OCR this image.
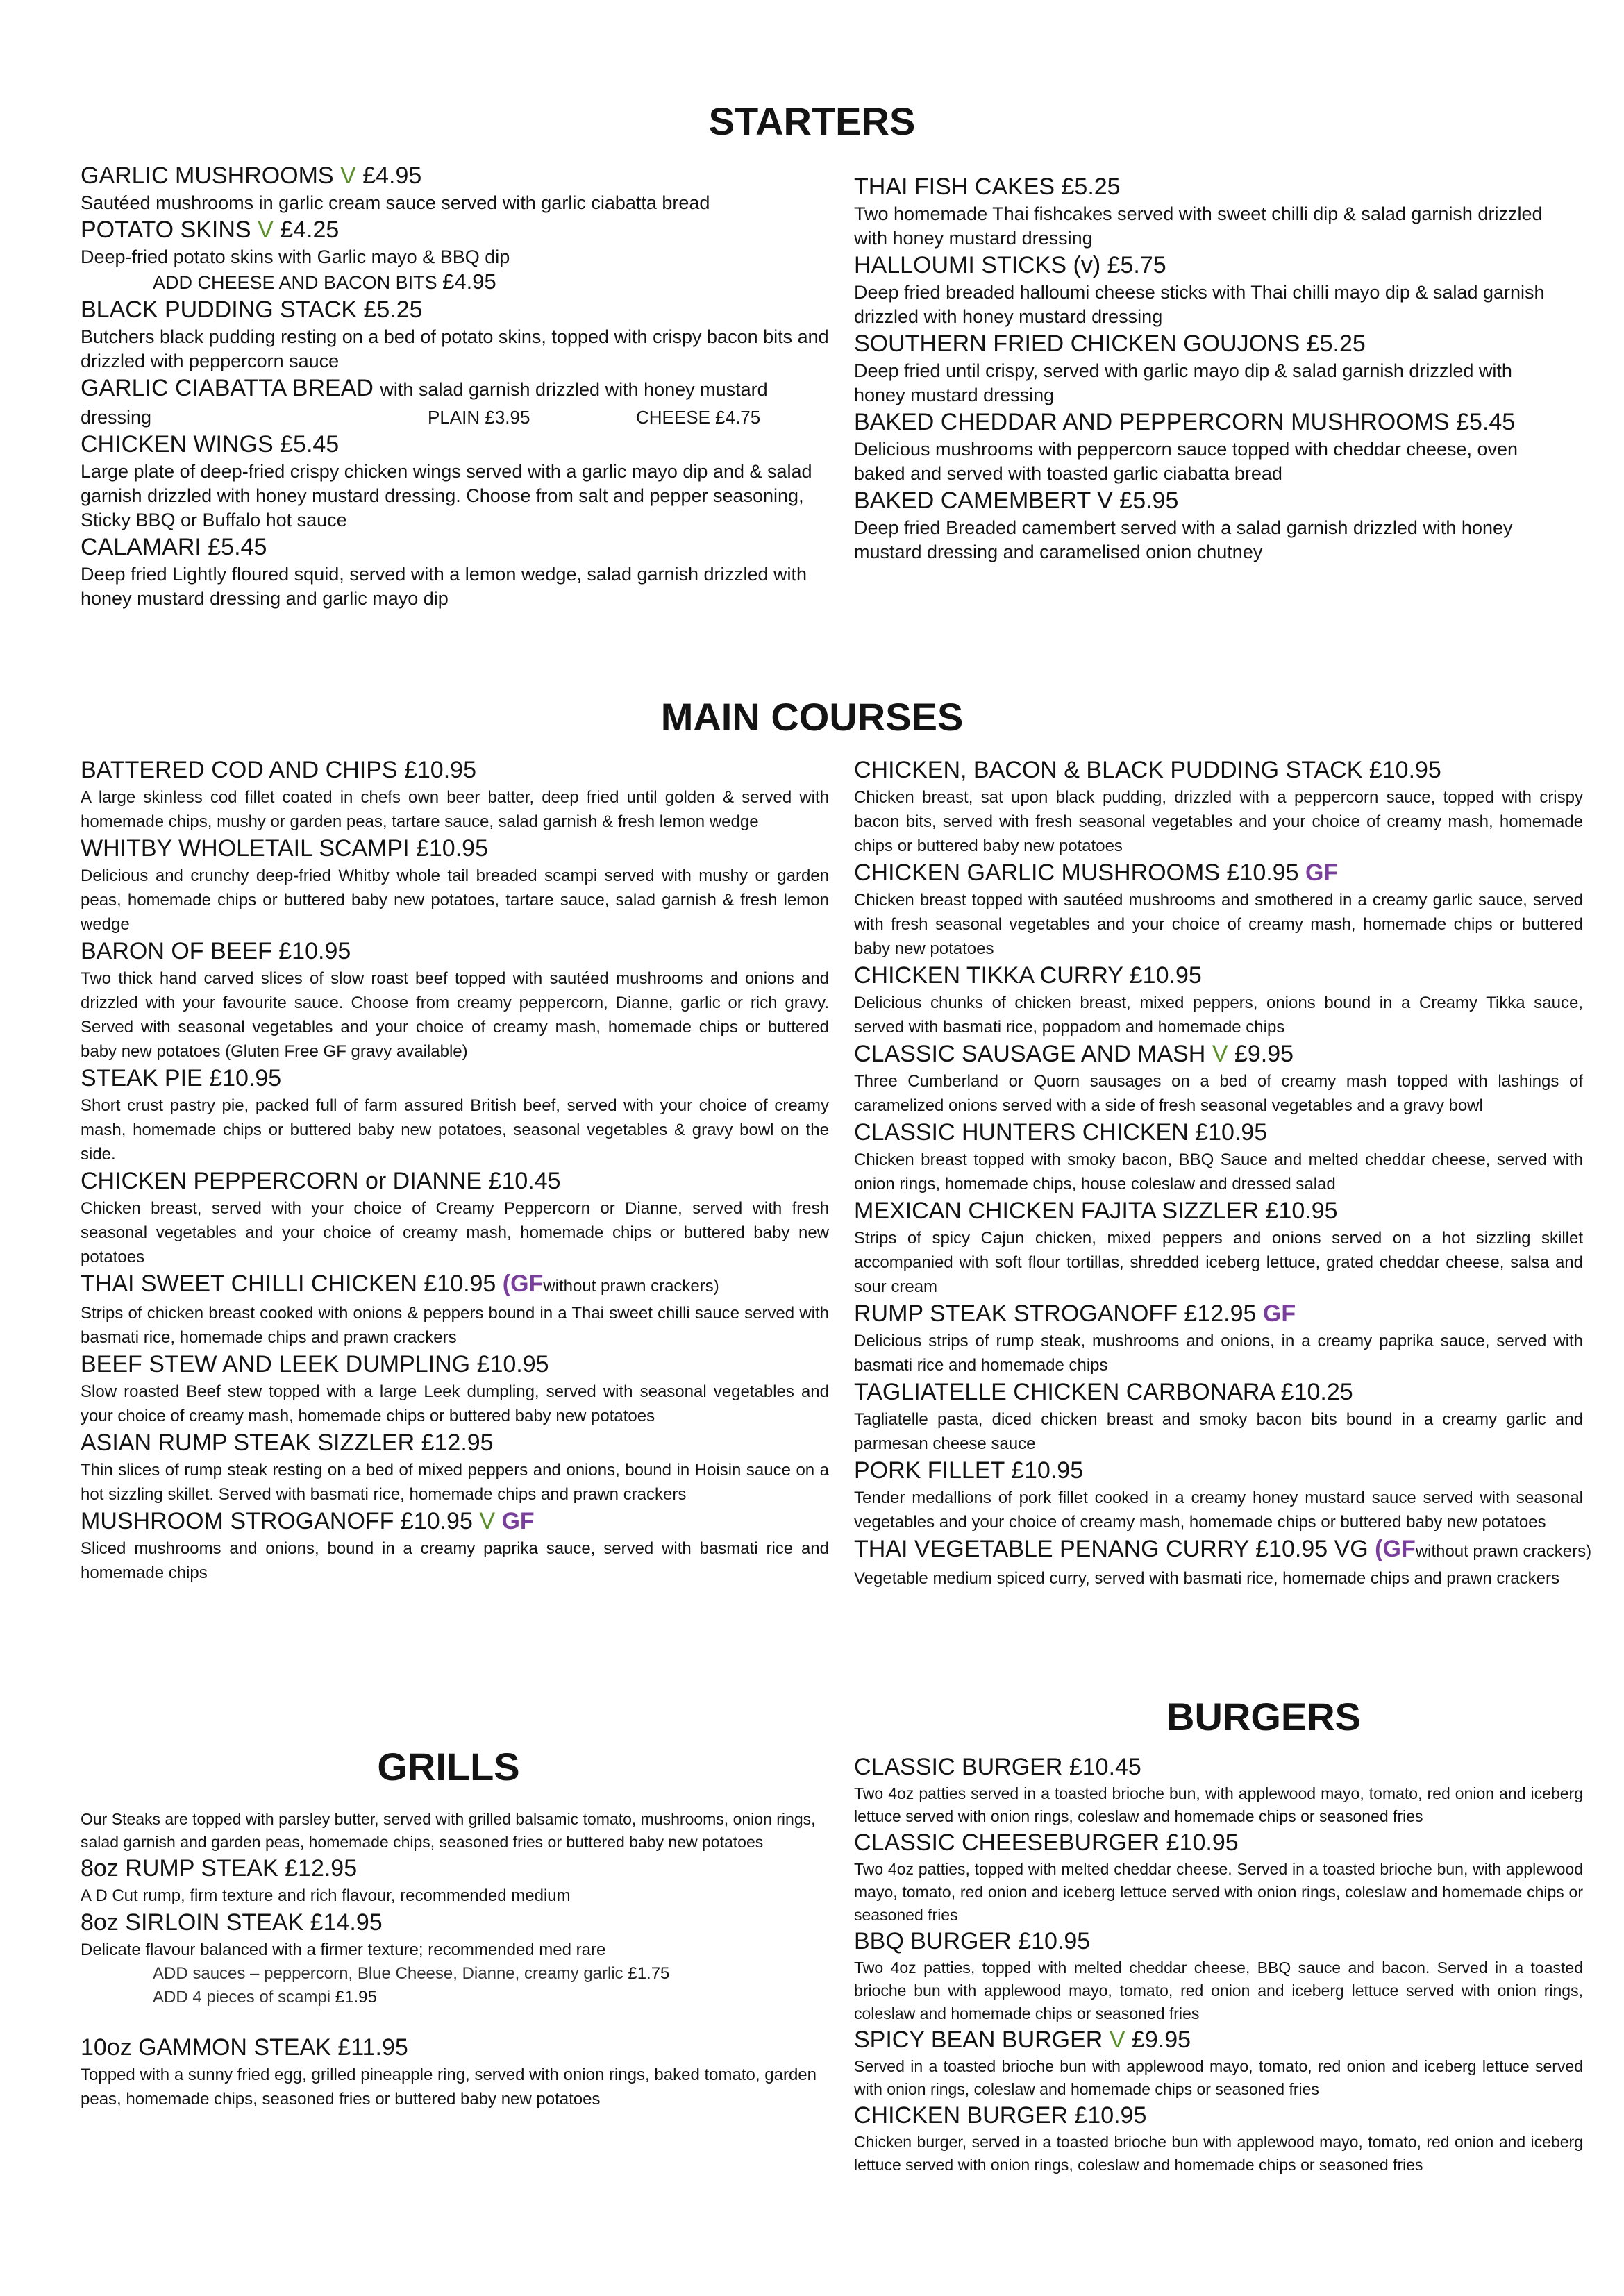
STARTERS

GARLIC MUSHROOMS V £4.95

Sautéed mushrooms in garlic cream sauce served with garlic ciabatta bread

POTATO SKINS V £4.25

Deep-fried potato skins with Garlic mayo & BBQ dip

ADD CHEESE AND BACON BITS £4.95

BLACK PUDDING STACK £5.25

Butchers black pudding resting on a bed of potato skins, topped with crispy bacon bits and drizzled with peppercorn sauce

GARLIC CIABATTA BREAD with salad garnish drizzled with honey mustard

dressing	PLAIN £3.95	CHEESE £4.75

CHICKEN WINGS £5.45

Large plate of deep-fried crispy chicken wings served with a garlic mayo dip and & salad garnish drizzled with honey mustard dressing. Choose from salt and pepper seasoning, Sticky BBQ or Buffalo hot sauce

CALAMARI £5.45

Deep fried Lightly floured squid, served with a lemon wedge, salad garnish drizzled with honey mustard dressing and garlic mayo dip

THAI FISH CAKES £5.25

Two homemade Thai fishcakes served with sweet chilli dip & salad garnish drizzled with honey mustard dressing

HALLOUMI STICKS (v) £5.75

Deep fried breaded halloumi cheese sticks with Thai chilli mayo dip & salad garnish drizzled with honey mustard dressing

SOUTHERN FRIED CHICKEN GOUJONS £5.25

Deep fried until crispy, served with garlic mayo dip & salad garnish drizzled with honey mustard dressing

BAKED CHEDDAR AND PEPPERCORN MUSHROOMS £5.45

Delicious mushrooms with peppercorn sauce topped with cheddar cheese, oven baked and served with toasted garlic ciabatta bread

BAKED CAMEMBERT V £5.95

Deep fried Breaded camembert served with a salad garnish drizzled with honey mustard dressing and caramelised onion chutney

MAIN COURSES

BATTERED COD AND CHIPS £10.95

A large skinless cod fillet coated in chefs own beer batter, deep fried until golden & served with homemade chips, mushy or garden peas, tartare sauce, salad garnish & fresh lemon wedge

WHITBY WHOLETAIL SCAMPI £10.95

Delicious and crunchy deep-fried Whitby whole tail breaded scampi served with mushy or garden peas, homemade chips or buttered baby new potatoes, tartare sauce, salad garnish & fresh lemon wedge

BARON OF BEEF £10.95

Two thick hand carved slices of slow roast beef topped with sautéed mushrooms and onions and drizzled with your favourite sauce. Choose from creamy peppercorn, Dianne, garlic or rich gravy. Served with seasonal vegetables and your choice of creamy mash, homemade chips or buttered baby new potatoes (Gluten Free GF gravy available)

STEAK PIE £10.95

Short crust pastry pie, packed full of farm assured British beef, served with your choice of creamy mash, homemade chips or buttered baby new potatoes, seasonal vegetables & gravy bowl on the side.

CHICKEN PEPPERCORN or DIANNE £10.45

Chicken breast, served with your choice of Creamy Peppercorn or Dianne, served with fresh seasonal vegetables and your choice of creamy mash, homemade chips or buttered baby new potatoes

THAI SWEET CHILLI CHICKEN £10.95 (GFwithout prawn crackers)

Strips of chicken breast cooked with onions & peppers bound in a Thai sweet chilli sauce served with basmati rice, homemade chips and prawn crackers

BEEF STEW AND LEEK DUMPLING £10.95

Slow roasted Beef stew topped with a large Leek dumpling, served with seasonal vegetables and your choice of creamy mash, homemade chips or buttered baby new potatoes

ASIAN RUMP STEAK SIZZLER £12.95

Thin slices of rump steak resting on a bed of mixed peppers and onions, bound in Hoisin sauce on a hot sizzling skillet. Served with basmati rice, homemade chips and prawn crackers

MUSHROOM STROGANOFF £10.95 V GF

Sliced mushrooms and onions, bound in a creamy paprika sauce, served with basmati rice and homemade chips

CHICKEN, BACON & BLACK PUDDING STACK £10.95

Chicken breast, sat upon black pudding, drizzled with a peppercorn sauce, topped with crispy bacon bits, served with fresh seasonal vegetables and your choice of creamy mash, homemade chips or buttered baby new potatoes

CHICKEN GARLIC MUSHROOMS £10.95 GF

Chicken breast topped with sautéed mushrooms and smothered in a creamy garlic sauce, served with fresh seasonal vegetables and your choice of creamy mash, homemade chips or buttered baby new potatoes

CHICKEN TIKKA CURRY £10.95

Delicious chunks of chicken breast, mixed peppers, onions bound in a Creamy Tikka sauce, served with basmati rice, poppadom and homemade chips

CLASSIC SAUSAGE AND MASH V £9.95

Three Cumberland or Quorn sausages on a bed of creamy mash topped with lashings of caramelized onions served with a side of fresh seasonal vegetables and a gravy bowl

CLASSIC HUNTERS CHICKEN £10.95

Chicken breast topped with smoky bacon, BBQ Sauce and melted cheddar cheese, served with onion rings, homemade chips, house coleslaw and dressed salad

MEXICAN CHICKEN FAJITA SIZZLER £10.95

Strips of spicy Cajun chicken, mixed peppers and onions served on a hot sizzling skillet accompanied with soft flour tortillas, shredded iceberg lettuce, grated cheddar cheese, salsa and sour cream

RUMP STEAK STROGANOFF £12.95 GF

Delicious strips of rump steak, mushrooms and onions, in a creamy paprika sauce, served with basmati rice and homemade chips

TAGLIATELLE CHICKEN CARBONARA £10.25

Tagliatelle pasta, diced chicken breast and smoky bacon bits bound in a creamy garlic and parmesan cheese sauce

PORK FILLET £10.95

Tender medallions of pork fillet cooked in a creamy honey mustard sauce served with seasonal vegetables and your choice of creamy mash, homemade chips or buttered baby new potatoes

THAI VEGETABLE PENANG CURRY £10.95 VG (GFwithout prawn crackers)

Vegetable medium spiced curry, served with basmati rice, homemade chips and prawn crackers

GRILLS

Our Steaks are topped with parsley butter, served with grilled balsamic tomato, mushrooms, onion rings, salad garnish and garden peas, homemade chips, seasoned fries or buttered baby new potatoes

8oz RUMP STEAK £12.95

A D Cut rump, firm texture and rich flavour, recommended medium

8oz SIRLOIN STEAK £14.95

Delicate flavour balanced with a firmer texture; recommended med rare

ADD sauces – peppercorn, Blue Cheese, Dianne, creamy garlic £1.75

ADD 4 pieces of scampi £1.95

10oz GAMMON STEAK £11.95

Topped with a sunny fried egg, grilled pineapple ring, served with onion rings, baked tomato, garden peas, homemade chips, seasoned fries or buttered baby new potatoes

BURGERS

CLASSIC BURGER £10.45

Two 4oz patties served in a toasted brioche bun, with applewood mayo, tomato, red onion and iceberg lettuce served with onion rings, coleslaw and homemade chips or seasoned fries

CLASSIC CHEESEBURGER £10.95

Two 4oz patties, topped with melted cheddar cheese. Served in a toasted brioche bun, with applewood mayo, tomato, red onion and iceberg lettuce served with onion rings, coleslaw and homemade chips or seasoned fries

BBQ BURGER £10.95

Two 4oz patties, topped with melted cheddar cheese, BBQ sauce and bacon. Served in a toasted brioche bun with applewood mayo, tomato, red onion and iceberg lettuce served with onion rings, coleslaw and homemade chips or seasoned fries

SPICY BEAN BURGER V £9.95

Served in a toasted brioche bun with applewood mayo, tomato, red onion and iceberg lettuce served with onion rings, coleslaw and homemade chips or seasoned fries

CHICKEN BURGER £10.95

Chicken burger, served in a toasted brioche bun with applewood mayo, tomato, red onion and iceberg lettuce served with onion rings, coleslaw and homemade chips or seasoned fries
